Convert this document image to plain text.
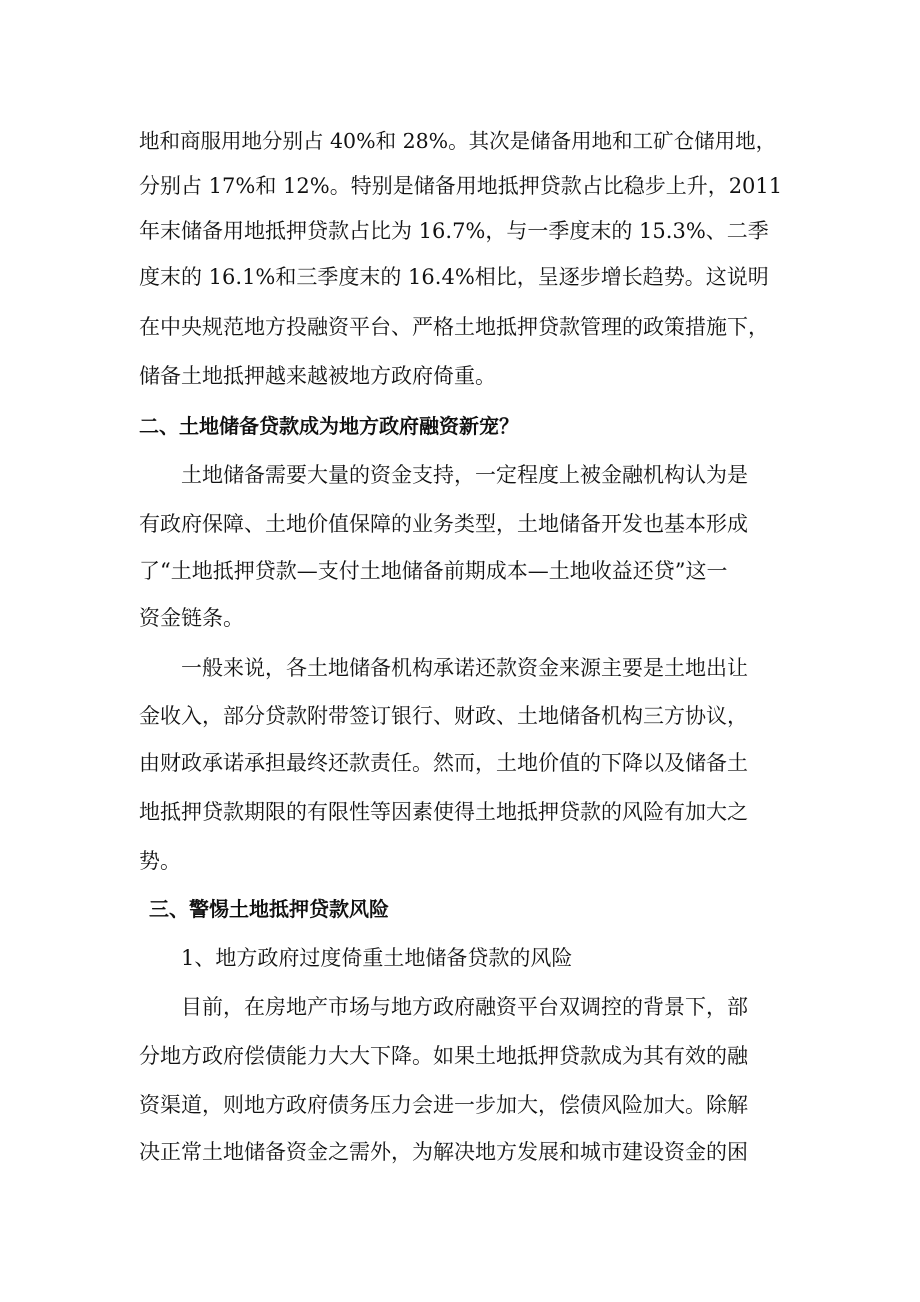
地和商服用地分别占 40%和 28%。其次是储备用地和工矿仓储用地，
分别占 17%和 12%。特别是储备用地抵押贷款占比稳步上升，2011
年末储备用地抵押贷款占比为 16.7%，与一季度末的 15.3%、二季
度末的 16.1%和三季度末的 16.4%相比，呈逐步增长趋势。这说明
在中央规范地方投融资平台、严格土地抵押贷款管理的政策措施下，
储备土地抵押越来越被地方政府倚重。
二、土地储备贷款成为地方政府融资新宠？
土地储备需要大量的资金支持，一定程度上被金融机构认为是
有政府保障、土地价值保障的业务类型，土地储备开发也基本形成
了“土地抵押贷款—支付土地储备前期成本—土地收益还贷”这一
资金链条。
一般来说，各土地储备机构承诺还款资金来源主要是土地出让
金收入，部分贷款附带签订银行、财政、土地储备机构三方协议，
由财政承诺承担最终还款责任。然而，土地价值的下降以及储备土
地抵押贷款期限的有限性等因素使得土地抵押贷款的风险有加大之
势。
三、警惕土地抵押贷款风险
1、地方政府过度倚重土地储备贷款的风险
目前，在房地产市场与地方政府融资平台双调控的背景下，部
分地方政府偿债能力大大下降。如果土地抵押贷款成为其有效的融
资渠道，则地方政府债务压力会进一步加大，偿债风险加大。除解
决正常土地储备资金之需外，为解决地方发展和城市建设资金的困
